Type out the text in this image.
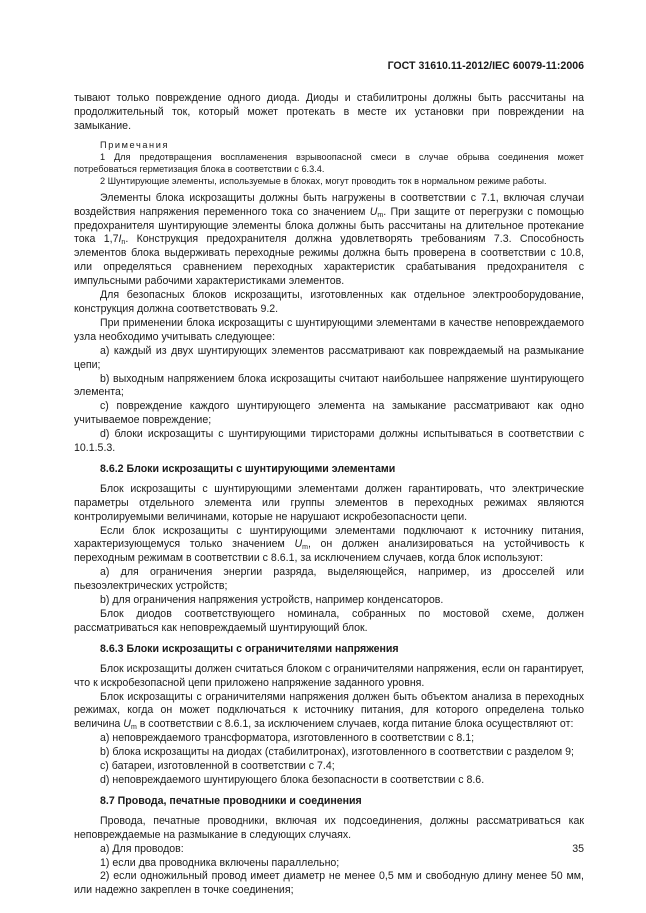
ГОСТ 31610.11-2012/IEC 60079-11:2006

тывают только повреждение одного диода. Диоды и стабилитроны должны быть рассчитаны на продолжительный ток, который может протекать в месте их установки при повреждении на замыкание.

Примечания

1 Для предотвращения воспламенения взрывоопасной смеси в случае обрыва соединения может потребоваться герметизация блока в соответствии с 6.3.4.

2 Шунтирующие элементы, используемые в блоках, могут проводить ток в нормальном режиме работы.

Элементы блока искрозащиты должны быть нагружены в соответствии с 7.1, включая случаи воздействия напряжения переменного тока со значением $U_m$. При защите от перегрузки с помощью предохранителя шунтирующие элементы блока должны быть рассчитаны на длительное протекание тока $1,7I_n$. Конструкция предохранителя должна удовлетворять требованиям 7.3. Способность элементов блока выдерживать переходные режимы должна быть проверена в соответствии с 10.8, или определяться сравнением переходных характеристик срабатывания предохранителя с импульсными рабочими характеристиками элементов.

Для безопасных блоков искрозащиты, изготовленных как отдельное электрооборудование, конструкция должна соответствовать 9.2.

При применении блока искрозащиты с шунтирующими элементами в качестве неповреждаемого узла необходимо учитывать следующее:

а) каждый из двух шунтирующих элементов рассматривают как повреждаемый на размыкание цепи;

b) выходным напряжением блока искрозащиты считают наибольшее напряжение шунтирующего элемента;

с) повреждение каждого шунтирующего элемента на замыкание рассматривают как одно учитываемое повреждение;

d) блоки искрозащиты с шунтирующими тиристорами должны испытываться в соответствии с 10.1.5.3.

8.6.2 Блоки искрозащиты с шунтирующими элементами

Блок искрозащиты с шунтирующими элементами должен гарантировать, что электрические параметры отдельного элемента или группы элементов в переходных режимах являются контролируемыми величинами, которые не нарушают искробезопасности цепи.

Если блок искрозащиты с шунтирующими элементами подключают к источнику питания, характеризующемуся только значением $U_m$, он должен анализироваться на устойчивость к переходным режимам в соответствии с 8.6.1, за исключением случаев, когда блок используют:

а) для ограничения энергии разряда, выделяющейся, например, из дросселей или пьезоэлектрических устройств;

b) для ограничения напряжения устройств, например конденсаторов.

Блок диодов соответствующего номинала, собранных по мостовой схеме, должен рассматриваться как неповреждаемый шунтирующий блок.

8.6.3 Блоки искрозащиты с ограничителями напряжения

Блок искрозащиты должен считаться блоком с ограничителями напряжения, если он гарантирует, что к искробезопасной цепи приложено напряжение заданного уровня.

Блок искрозащиты с ограничителями напряжения должен быть объектом анализа в переходных режимах, когда он может подключаться к источнику питания, для которого определена только величина $U_m$ в соответствии с 8.6.1, за исключением случаев, когда питание блока осуществляют от:

а) неповреждаемого трансформатора, изготовленного в соответствии с 8.1;

b) блока искрозащиты на диодах (стабилитронах), изготовленного в соответствии с разделом 9;

с) батареи, изготовленной в соответствии с 7.4;

d) неповреждаемого шунтирующего блока безопасности в соответствии с 8.6.

8.7 Провода, печатные проводники и соединения

Провода, печатные проводники, включая их подсоединения, должны рассматриваться как неповреждаемые на размыкание в следующих случаях.

а) Для проводов:

1) если два проводника включены параллельно;

2) если одножильный провод имеет диаметр не менее 0,5 мм и свободную длину менее 50 мм, или надежно закреплен в точке соединения;

35
